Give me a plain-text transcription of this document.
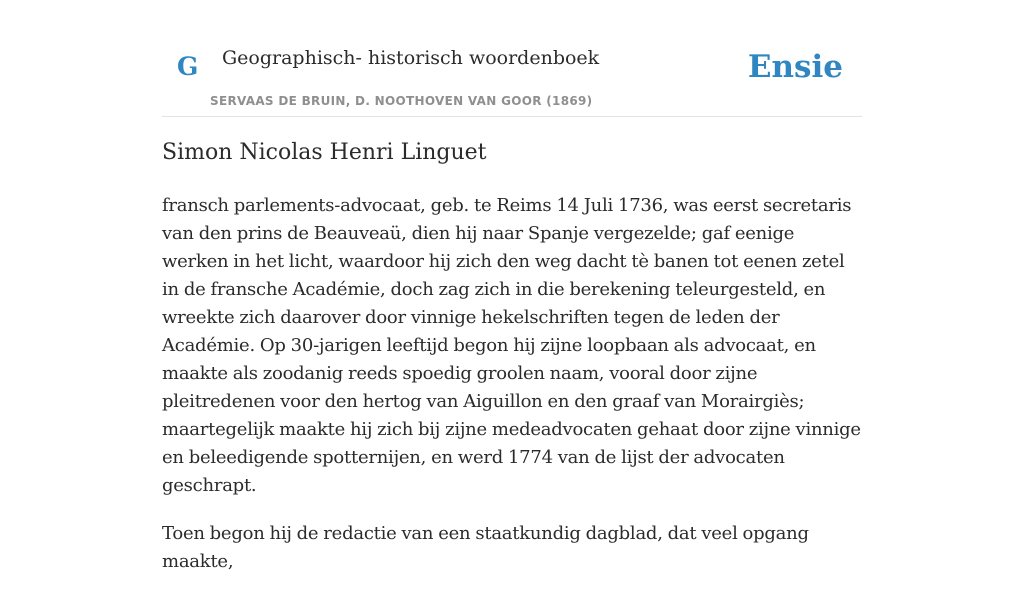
G Geographisch- historisch woordenboek
SERVAAS DE BRUIN, D. NOOTHOVEN VAN GOOR (1869)
Ensie
Simon Nicolas Henri Linguet

fransch parlements-advocaat, geb. te Reims 14 Juli 1736, was eerst secretaris van den prins de Beauveaü, dien hij naar Spanje vergezelde; gaf eenige werken in het licht, waardoor hij zich den weg dacht tè banen tot eenen zetel in de fransche Académie, doch zag zich in die berekening teleurgesteld, en wreekte zich daarover door vinnige hekelschriften tegen de leden der Académie. Op 30-jarigen leeftijd begon hij zijne loopbaan als advocaat, en maakte als zoodanig reeds spoedig groolen naam, vooral door zijne pleitredenen voor den hertog van Aiguillon en den graaf van Morairgiès; maartegelijk maakte hij zich bij zijne medeadvocaten gehaat door zijne vinnige en beleedigende spotternijen, en werd 1774 van de lijst der advocaten geschrapt.

Toen begon hij de redactie van een staatkundig dagblad, dat veel opgang maakte,
